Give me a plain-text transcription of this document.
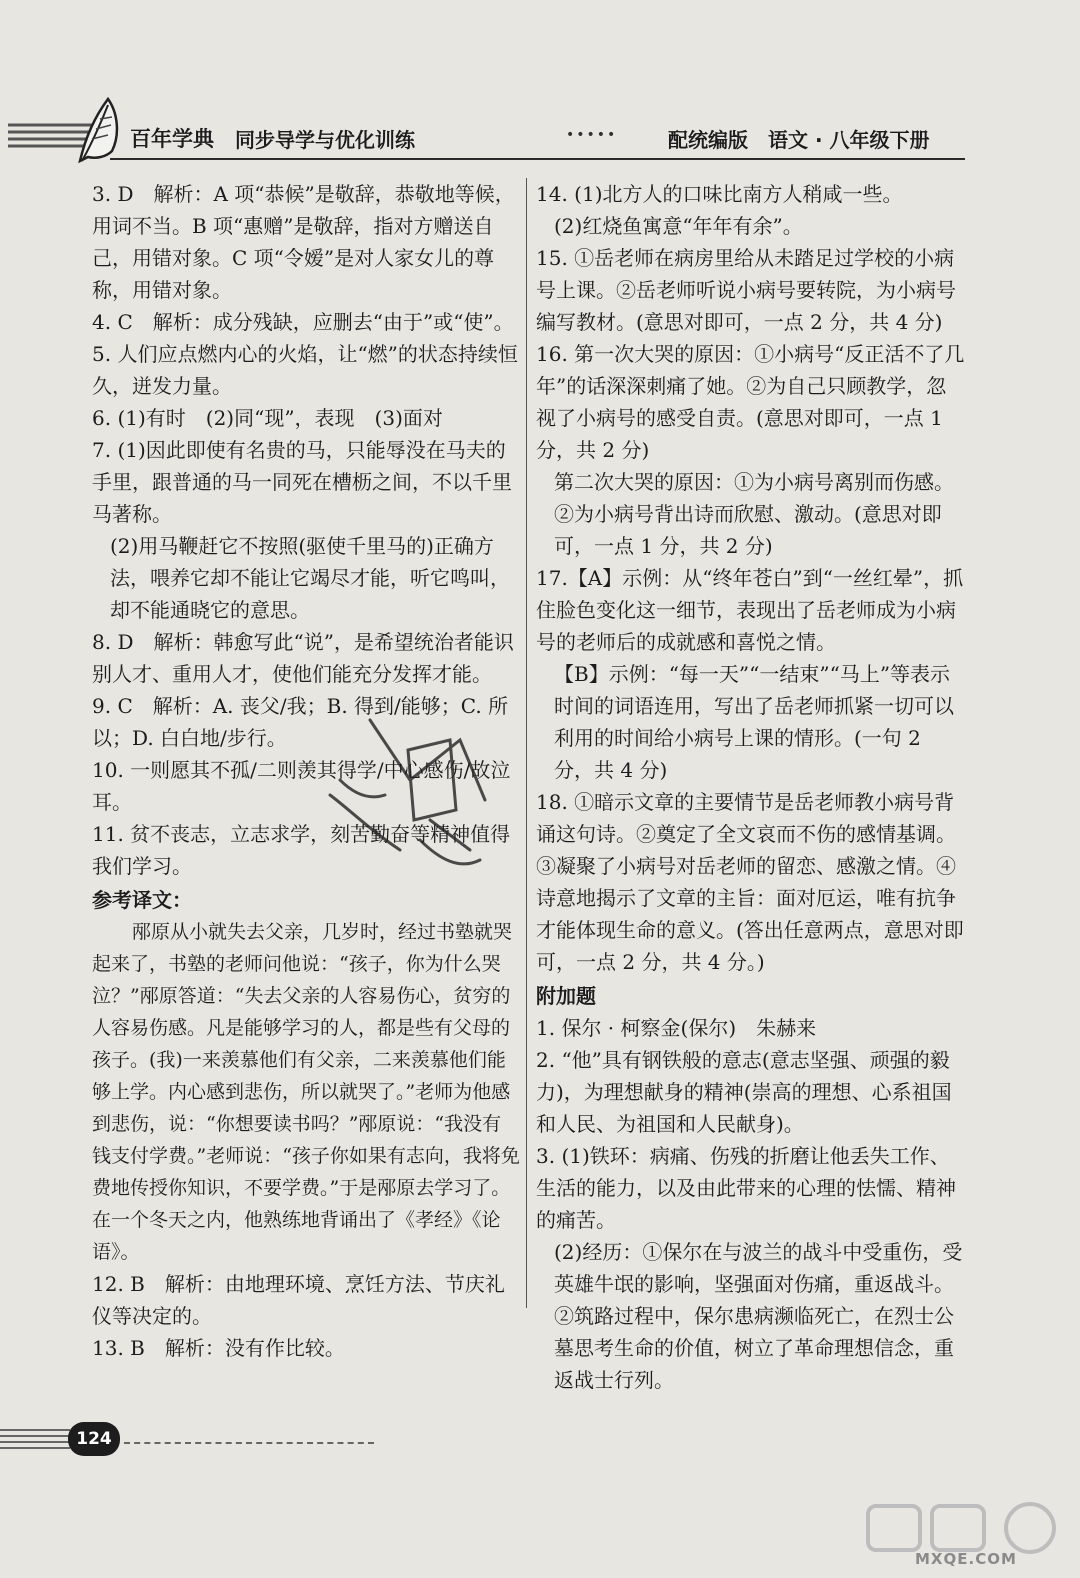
百年学典 同步导学与优化训练	•••••	配统编版 语文 · 八年级下册

3. D　解析：A 项“恭候”是敬辞，恭敬地等候，用词不当。B 项“惠赠”是敬辞，指对方赠送自己，用错对象。C 项“令嫒”是对人家女儿的尊称，用错对象。

4. C　解析：成分残缺，应删去“由于”或“使”。

5. 人们应点燃内心的火焰，让“燃”的状态持续恒久，迸发力量。

6. (1)有时　(2)同“现”，表现　(3)面对

7. (1)因此即使有名贵的马，只能辱没在马夫的手里，跟普通的马一同死在槽枥之间，不以千里马著称。

(2)用马鞭赶它不按照(驱使千里马的)正确方法，喂养它却不能让它竭尽才能，听它鸣叫，却不能通晓它的意思。

8. D　解析：韩愈写此“说”，是希望统治者能识别人才、重用人才，使他们能充分发挥才能。

9. C　解析：A. 丧父/我；B. 得到/能够；C. 所以；D. 白白地/步行。

10. 一则愿其不孤/二则羡其得学/中心感伤/故泣耳。

11. 贫不丧志，立志求学，刻苦勤奋等精神值得我们学习。

参考译文：

邴原从小就失去父亲，几岁时，经过书塾就哭起来了，书塾的老师问他说：“孩子，你为什么哭泣？”邴原答道：“失去父亲的人容易伤心，贫穷的人容易伤感。凡是能够学习的人，都是些有父母的孩子。(我)一来羡慕他们有父亲，二来羡慕他们能够上学。内心感到悲伤，所以就哭了。”老师为他感到悲伤，说：“你想要读书吗？”邴原说：“我没有钱支付学费。”老师说：“孩子你如果有志向，我将免费地传授你知识，不要学费。”于是邴原去学习了。在一个冬天之内，他熟练地背诵出了《孝经》《论语》。

12. B　解析：由地理环境、烹饪方法、节庆礼仪等决定的。

13. B　解析：没有作比较。

14. (1)北方人的口味比南方人稍咸一些。

(2)红烧鱼寓意“年年有余”。

15. ①岳老师在病房里给从未踏足过学校的小病号上课。②岳老师听说小病号要转院，为小病号编写教材。(意思对即可，一点 2 分，共 4 分)

16. 第一次大哭的原因：①小病号“反正活不了几年”的话深深刺痛了她。②为自己只顾教学，忽视了小病号的感受自责。(意思对即可，一点 1 分，共 2 分)

第二次大哭的原因：①为小病号离别而伤感。②为小病号背出诗而欣慰、激动。(意思对即可，一点 1 分，共 2 分)

17.【A】示例：从“终年苍白”到“一丝红晕”，抓住脸色变化这一细节，表现出了岳老师成为小病号的老师后的成就感和喜悦之情。

【B】示例：“每一天”“一结束”“马上”等表示时间的词语连用，写出了岳老师抓紧一切可以利用的时间给小病号上课的情形。(一句 2 分，共 4 分)

18. ①暗示文章的主要情节是岳老师教小病号背诵这句诗。②奠定了全文哀而不伤的感情基调。③凝聚了小病号对岳老师的留恋、感激之情。④诗意地揭示了文章的主旨：面对厄运，唯有抗争才能体现生命的意义。(答出任意两点，意思对即可，一点 2 分，共 4 分。)

附加题

1. 保尔 · 柯察金(保尔)　朱赫来

2. “他”具有钢铁般的意志(意志坚强、顽强的毅力)，为理想献身的精神(崇高的理想、心系祖国和人民、为祖国和人民献身)。

3. (1)铁环：病痛、伤残的折磨让他丢失工作、生活的能力，以及由此带来的心理的怯懦、精神的痛苦。

(2)经历：①保尔在与波兰的战斗中受重伤，受英雄牛氓的影响，坚强面对伤痛，重返战斗。②筑路过程中，保尔患病濒临死亡，在烈士公墓思考生命的价值，树立了革命理想信念，重返战士行列。

124
MXQE.COM
